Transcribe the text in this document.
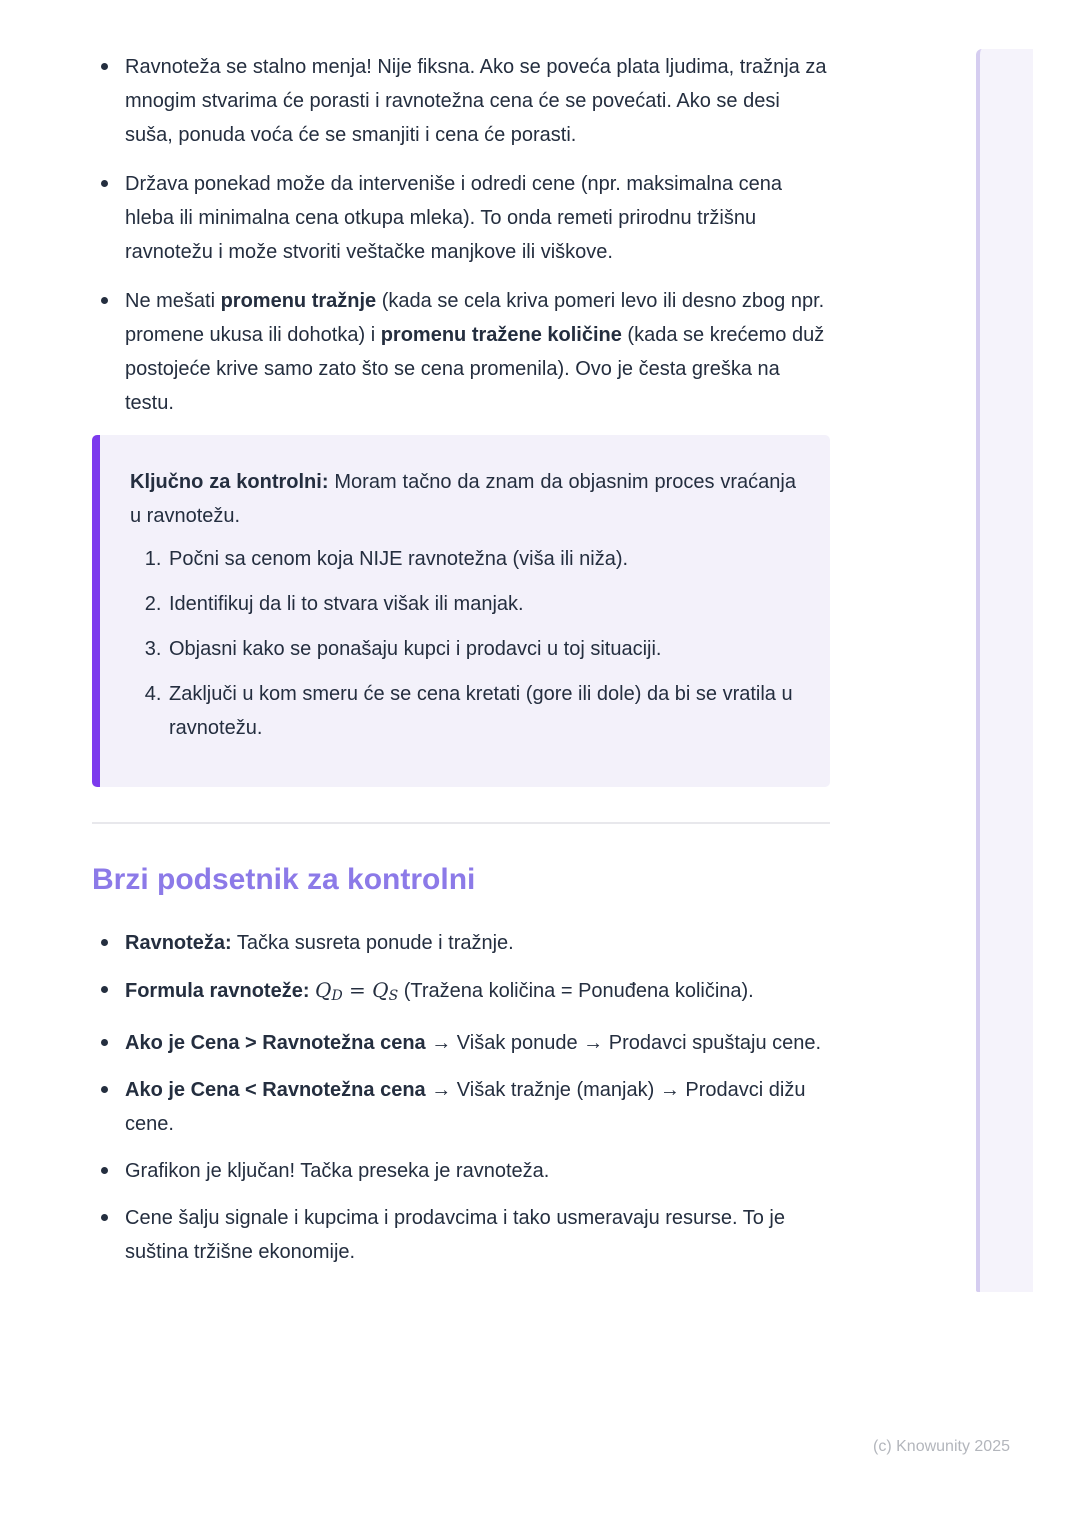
Ravnoteža se stalno menja! Nije fiksna. Ako se poveća plata ljudima, tražnja za mnogim stvarima će porasti i ravnotežna cena će se povećati. Ako se desi suša, ponuda voća će se smanjiti i cena će porasti.
Država ponekad može da interveniše i odredi cene (npr. maksimalna cena hleba ili minimalna cena otkupa mleka). To onda remeti prirodnu tržišnu ravnotežu i može stvoriti veštačke manjkove ili viškove.
Ne mešati promenu tražnje (kada se cela kriva pomeri levo ili desno zbog npr. promene ukusa ili dohotka) i promenu tražene količine (kada se krećemo duž postojeće krive samo zato što se cena promenila). Ovo je česta greška na testu.

Ključno za kontrolni: Moram tačno da znam da objasnim proces vraćanja u ravnotežu.

1. Počni sa cenom koja NIJE ravnotežna (viša ili niža).
2. Identifikuj da li to stvara višak ili manjak.
3. Objasni kako se ponašaju kupci i prodavci u toj situaciji.
4. Zaključi u kom smeru će se cena kretati (gore ili dole) da bi se vratila u ravnotežu.
Brzi podsetnik za kontrolni
Ravnoteža: Tačka susreta ponude i tražnje.
Formula ravnoteže: QD = QS (Tražena količina = Ponuđena količina).
Ako je Cena > Ravnotežna cena → Višak ponude → Prodavci spuštaju cene.
Ako je Cena < Ravnotežna cena → Višak tražnje (manjak) → Prodavci dižu cene.
Grafikon je ključan! Tačka preseka je ravnoteža.
Cene šalju signale i kupcima i prodavcima i tako usmeravaju resurse. To je suština tržišne ekonomije.
(c) Knowunity 2025
